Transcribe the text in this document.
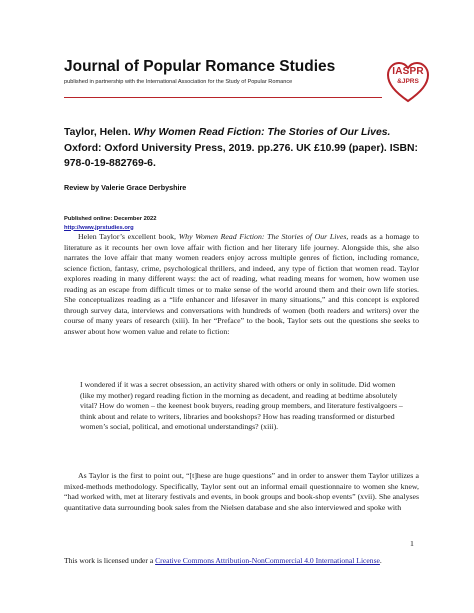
Journal of Popular Romance Studies
published in partnership with the International Association for the Study of Popular Romance
IASPR
&JPRS
Taylor, Helen. Why Women Read Fiction: The Stories of Our Lives. Oxford: Oxford University Press, 2019. pp.276. UK £10.99 (paper). ISBN: 978-0-19-882769-6.
Review by Valerie Grace Derbyshire
Published online: December 2022
http://www.jprstudies.org

Helen Taylor’s excellent book, Why Women Read Fiction: The Stories of Our Lives, reads as a homage to literature as it recounts her own love affair with fiction and her literary life journey. Alongside this, she also narrates the love affair that many women readers enjoy across multiple genres of fiction, including romance, science fiction, fantasy, crime, psychological thrillers, and indeed, any type of fiction that women read. Taylor explores reading in many different ways: the act of reading, what reading means for women, how women use reading as an escape from difficult times or to make sense of the world around them and their own life stories. She conceptualizes reading as a “life enhancer and lifesaver in many situations,” and this concept is explored through survey data, interviews and conversations with hundreds of women (both readers and writers) over the course of many years of research (xiii). In her “Preface” to the book, Taylor sets out the questions she seeks to answer about how women value and relate to fiction:

I wondered if it was a secret obsession, an activity shared with others or only in solitude. Did women (like my mother) regard reading fiction in the morning as decadent, and reading at bedtime absolutely vital? How do women – the keenest book buyers, reading group members, and literature festivalgoers – think about and relate to writers, libraries and bookshops? How has reading transformed or disturbed women’s social, political, and emotional understandings? (xiii).

As Taylor is the first to point out, “[t]hese are huge questions” and in order to answer them Taylor utilizes a mixed-methods methodology. Specifically, Taylor sent out an informal email questionnaire to women she knew, “had worked with, met at literary festivals and events, in book groups and book-shop events” (xvii). She analyses quantitative data surrounding book sales from the Nielsen database and she also interviewed and spoke with

1
This work is licensed under a Creative Commons Attribution-NonCommercial 4.0 International License.
